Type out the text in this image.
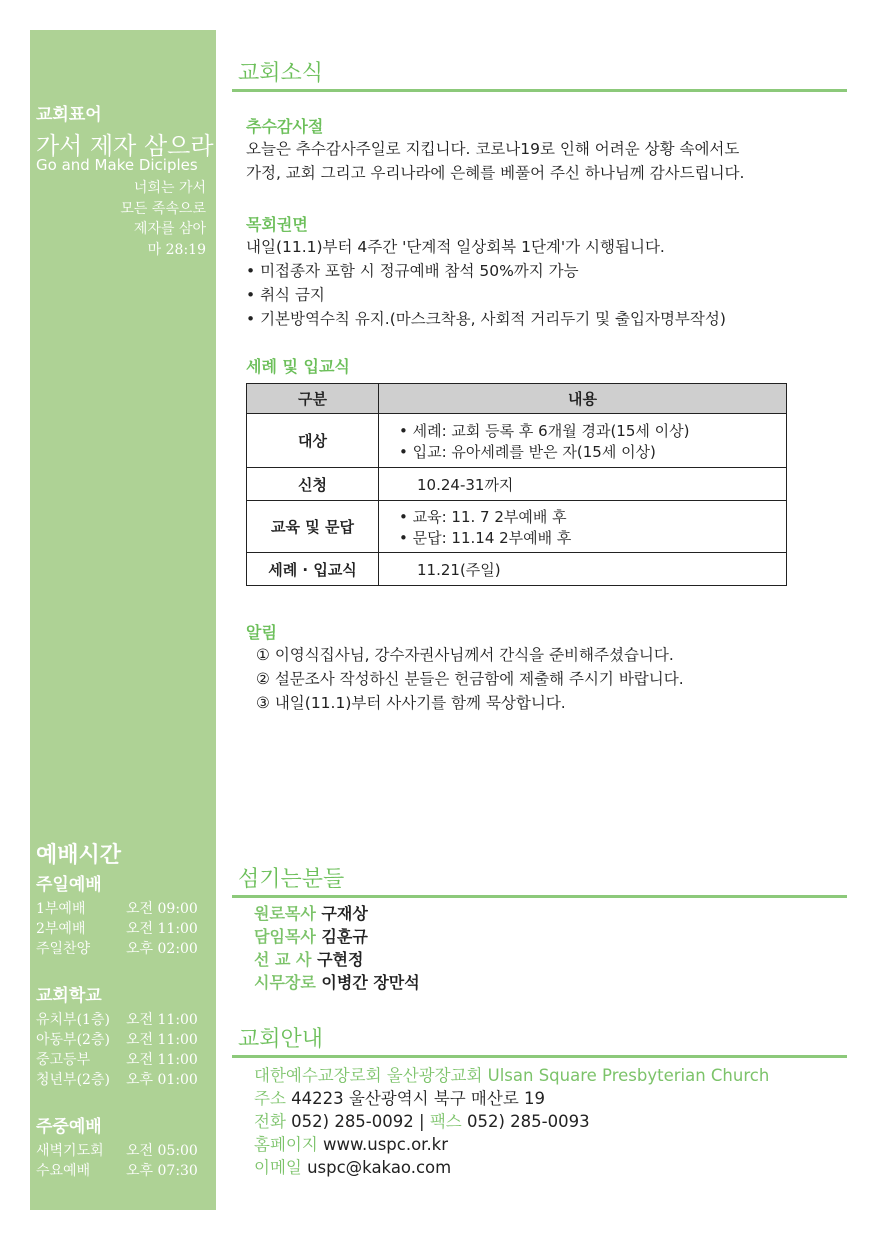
교회표어
가서 제자 삼으라
Go and Make Diciples
너희는 가서
모든 족속으로
제자를 삼아
마 28:19
예배시간
주일예배
1부예배	오전 09:00
2부예배	오전 11:00
주일찬양	오후 02:00
교회학교
유치부(1층)	오전 11:00
아동부(2층)	오전 11:00
중고등부	오전 11:00
청년부(2층)	오후 01:00
주중예배
새벽기도회	오전 05:00
수요예배	오후 07:30
교회소식
추수감사절
오늘은 추수감사주일로 지킵니다. 코로나19로 인해 어려운 상황 속에서도
가정, 교회 그리고 우리나라에 은혜를 베풀어 주신 하나님께 감사드립니다.
목회권면
내일(11.1)부터 4주간 '단계적 일상회복 1단계'가 시행됩니다.
• 미접종자 포함 시 정규예배 참석 50%까지 가능
• 취식 금지
• 기본방역수칙 유지.(마스크착용, 사회적 거리두기 및 출입자명부작성)
세례 및 입교식
구분	내용
대상	• 세례: 교회 등록 후 6개월 경과(15세 이상)
• 입교: 유아세례를 받은 자(15세 이상)

신청	10.24-31까지
교육 및 문답	• 교육: 11. 7 2부예배 후
• 문답: 11.14 2부예배 후

세례 · 입교식	11.21(주일)
알림
① 이영식집사님, 강수자권사님께서 간식을 준비해주셨습니다.
② 설문조사 작성하신 분들은 헌금함에 제출해 주시기 바랍니다.
③ 내일(11.1)부터 사사기를 함께 묵상합니다.
섬기는분들
원로목사 구재상
담임목사 김훈규
선 교 사 구현정
시무장로 이병간 장만석
교회안내
대한예수교장로회 울산광장교회 Ulsan Square Presbyterian Church
주소 44223 울산광역시 북구 매산로 19
전화 052) 285-0092 | 팩스 052) 285-0093
홈페이지 www.uspc.or.kr
이메일 uspc@kakao.com
